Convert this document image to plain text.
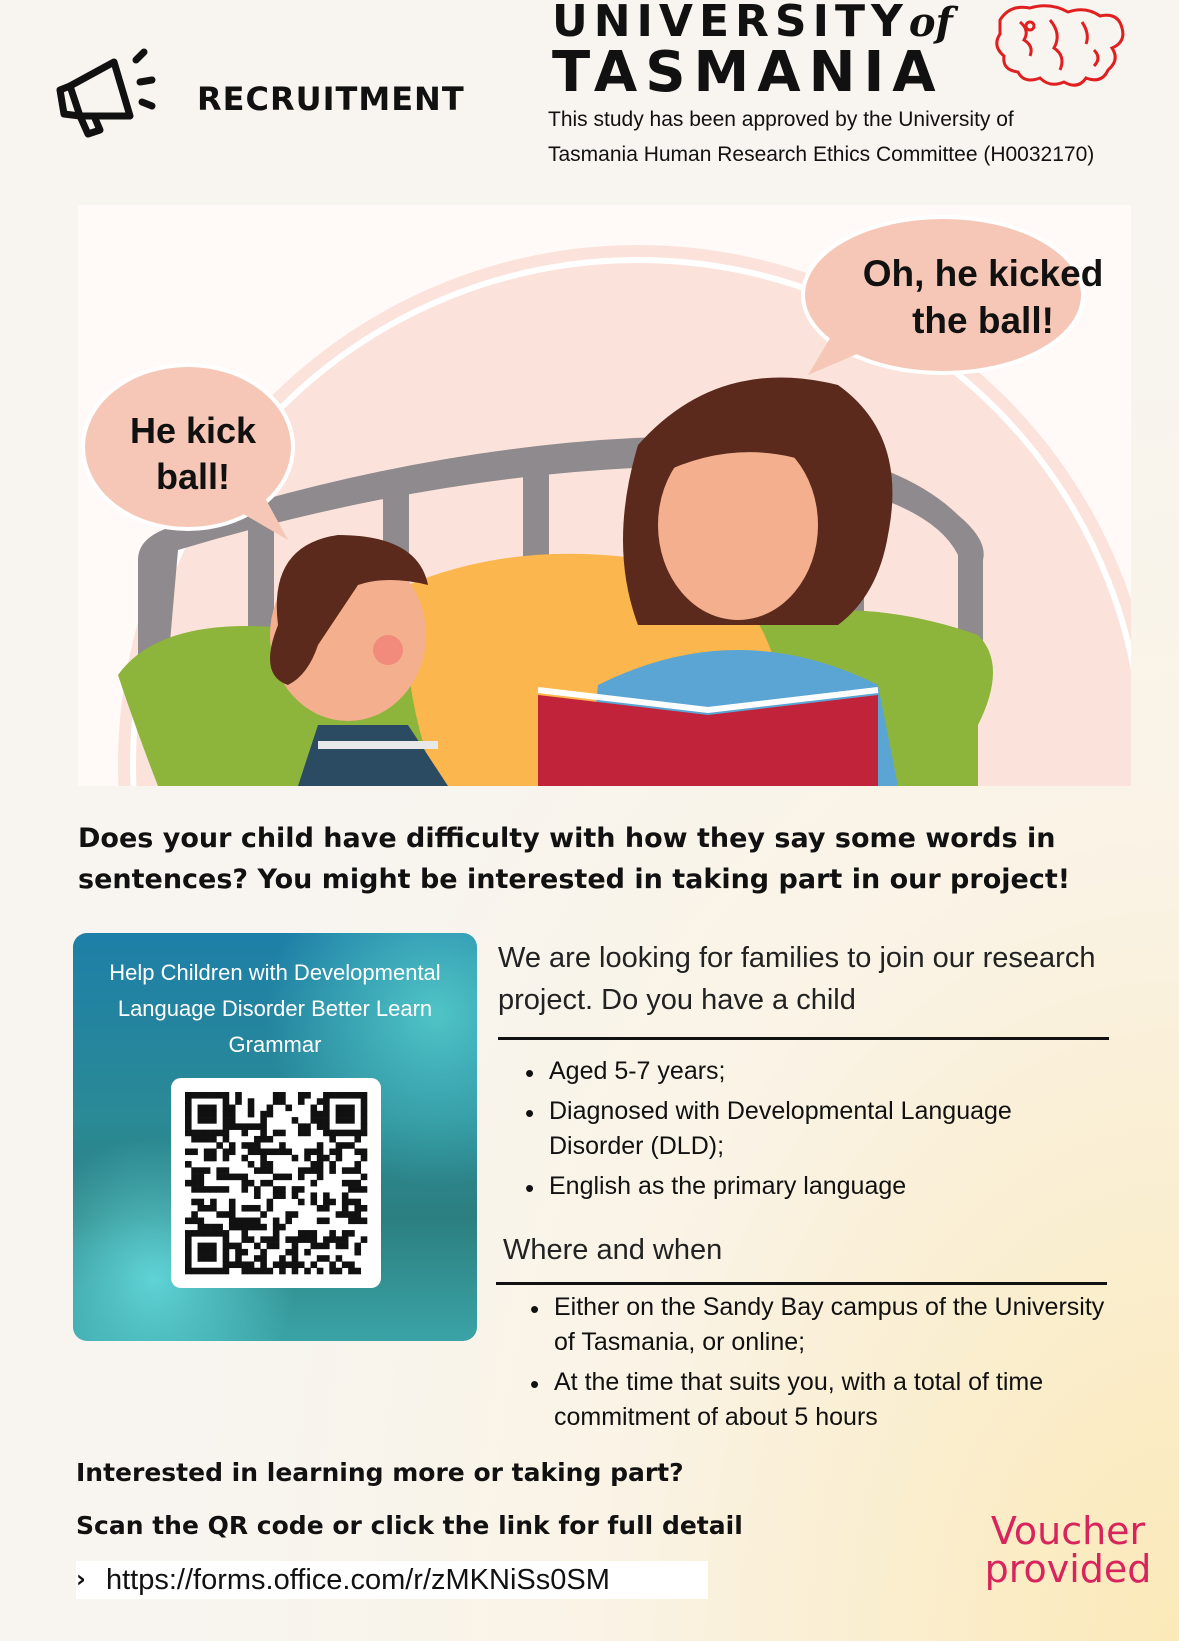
RECRUITMENT
UNIVERSITYof
TASMANIA
This study has been approved by the University of
Tasmania Human Research Ethics Committee (H0032170)
He kick
ball!
Oh, he kicked
the ball!
Does your child have difficulty with how they say some words in sentences? You might be interested in taking part in our project!
Help Children with Developmental Language Disorder Better Learn Grammar
We are looking for families to join our research project. Do you have a child
• Aged 5-7 years;
• Diagnosed with Developmental Language Disorder (DLD);
• English as the primary language
Where and when
• Either on the Sandy Bay campus of the University of Tasmania, or online;
• At the time that suits you, with a total of time commitment of about 5 hours
Interested in learning more or taking part?
Scan the QR code or click the link for full detail
› https://forms.office.com/r/zMKNiSs0SM
Voucher
provided
